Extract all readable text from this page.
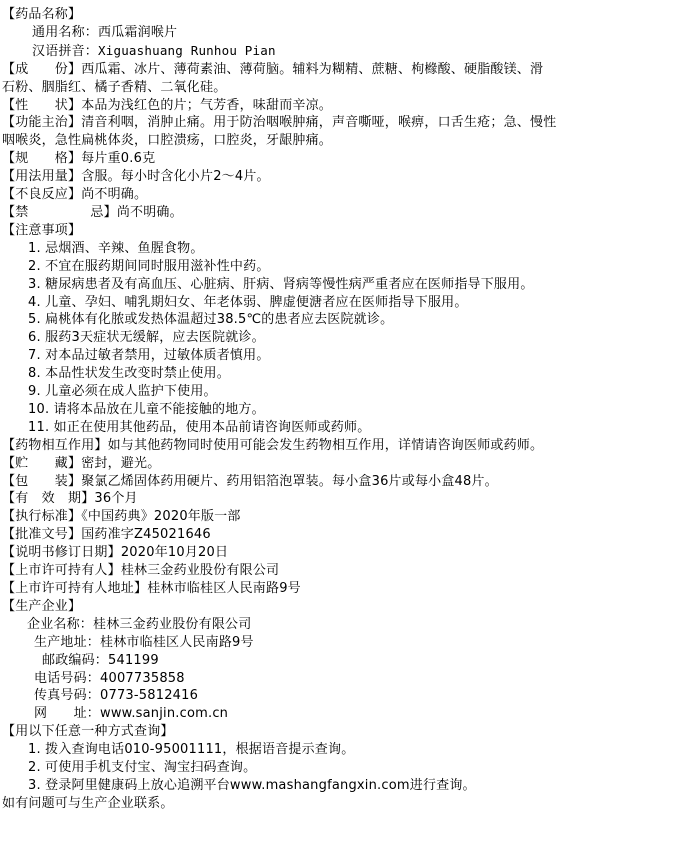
【药品名称】
通用名称：西瓜霜润喉片
汉语拼音：Xiguashuang Runhou Pian
【成　　份】西瓜霜、冰片、薄荷素油、薄荷脑。辅料为糊精、蔗糖、枸橼酸、硬脂酸镁、滑
石粉、胭脂红、橘子香精、二氧化硅。
【性　　状】本品为浅红色的片；气芳香，味甜而辛凉。
【功能主治】清音利咽，消肿止痛。用于防治咽喉肿痛，声音嘶哑，喉痹，口舌生疮；急、慢性
咽喉炎，急性扁桃体炎，口腔溃疡，口腔炎，牙龈肿痛。
【规　　格】每片重0.6克
【用法用量】含服。每小时含化小片2～4片。
【不良反应】尚不明确。
【禁	忌】尚不明确。
【注意事项】
1. 忌烟酒、辛辣、鱼腥食物。
2. 不宜在服药期间同时服用滋补性中药。
3. 糖尿病患者及有高血压、心脏病、肝病、肾病等慢性病严重者应在医师指导下服用。
4. 儿童、孕妇、哺乳期妇女、年老体弱、脾虚便溏者应在医师指导下服用。
5. 扁桃体有化脓或发热体温超过38.5℃的患者应去医院就诊。
6. 服药3天症状无缓解，应去医院就诊。
7. 对本品过敏者禁用，过敏体质者慎用。
8. 本品性状发生改变时禁止使用。
9. 儿童必须在成人监护下使用。
10. 请将本品放在儿童不能接触的地方。
11. 如正在使用其他药品，使用本品前请咨询医师或药师。
【药物相互作用】如与其他药物同时使用可能会发生药物相互作用，详情请咨询医师或药师。
【贮　　藏】密封，避光。
【包　　装】聚氯乙烯固体药用硬片、药用铝箔泡罩装。每小盒36片或每小盒48片。
【有　效　期】36个月
【执行标准】《中国药典》2020年版一部
【批准文号】国药准字Z45021646
【说明书修订日期】2020年10月20日
【上市许可持有人】桂林三金药业股份有限公司
【上市许可持有人地址】桂林市临桂区人民南路9号
【生产企业】
企业名称：桂林三金药业股份有限公司
生产地址：桂林市临桂区人民南路9号
邮政编码：541199
电话号码：4007735858
传真号码：0773-5812416
网　　址：www.sanjin.com.cn
【用以下任意一种方式查询】
1. 拨入查询电话010-95001111，根据语音提示查询。
2. 可使用手机支付宝、淘宝扫码查询。
3. 登录阿里健康码上放心追溯平台www.mashangfangxin.com进行查询。
如有问题可与生产企业联系。
